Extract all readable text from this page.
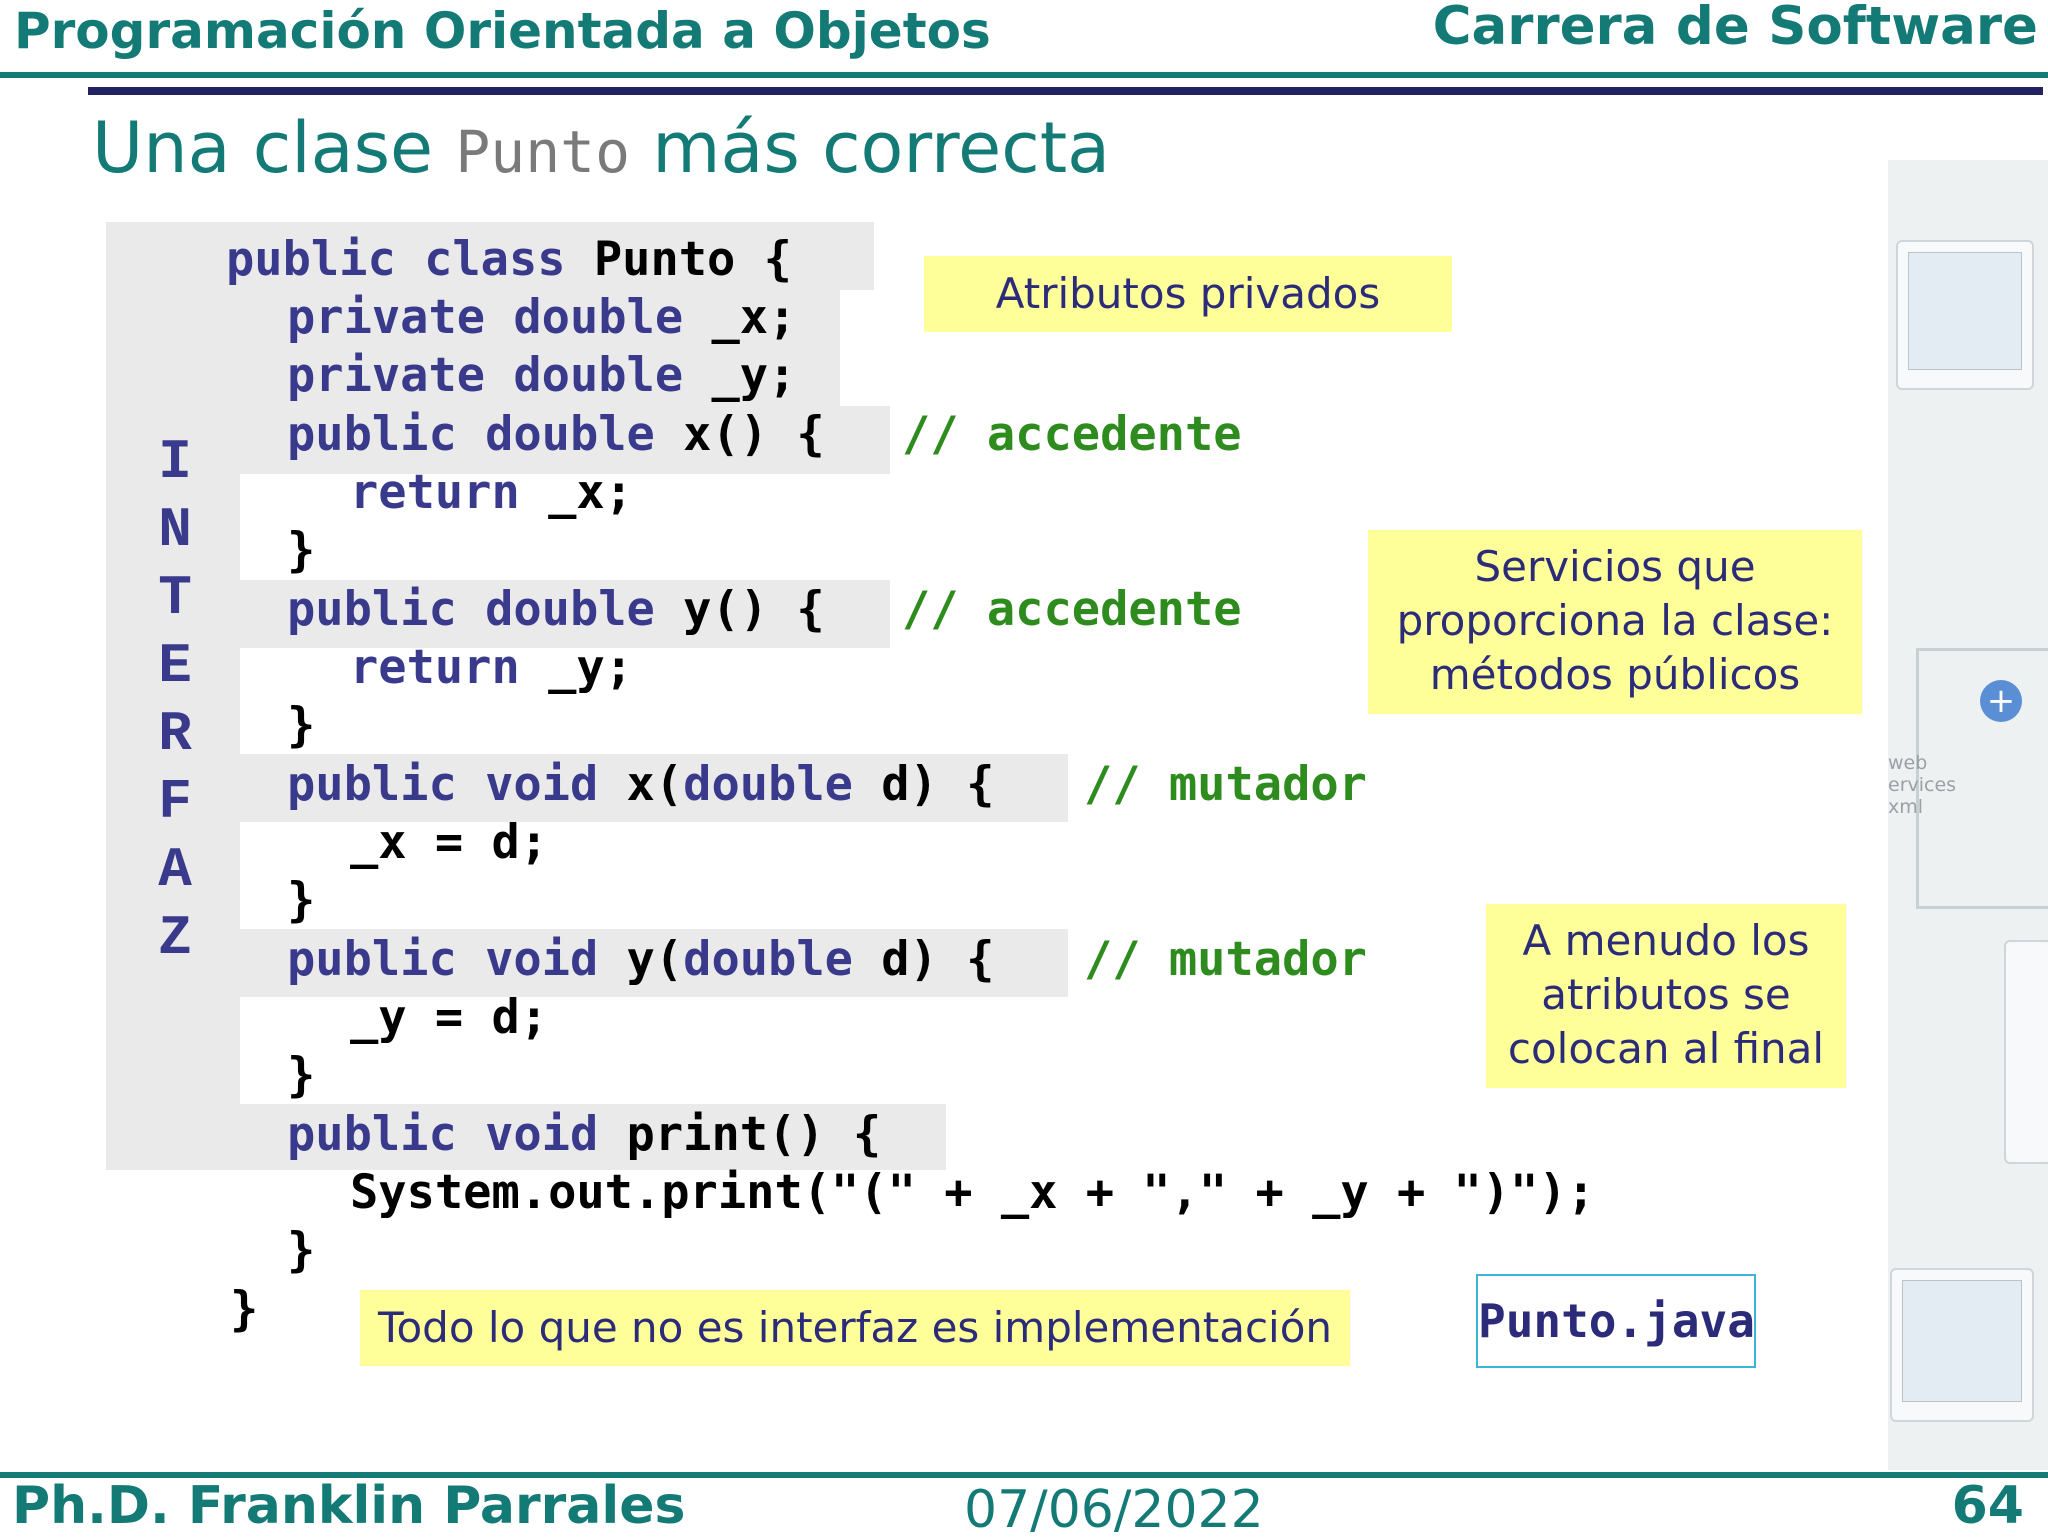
Programación Orientada a Objetos	Carrera de Software
Una clase Punto más correcta
+
web
ervices
xml
I
N
T
E
R
F
A
Z
public class Punto {
private double _x;
private double _y;
public double x() { // accedente
return _x;
}
public double y() { // accedente
return _y;
}
public void x(double d) { // mutador
_x = d;
}
public void y(double d) { // mutador
_y = d;
}
public void print() {
System.out.print("(" + _x + "," + _y + ")");
}
}
Atributos privados
Servicios que
proporciona la clase:
métodos públicos
A menudo los
atributos se
colocan al final
Todo lo que no es interfaz es implementación	Punto.java
Ph.D. Franklin Parrales	07/06/2022	64
